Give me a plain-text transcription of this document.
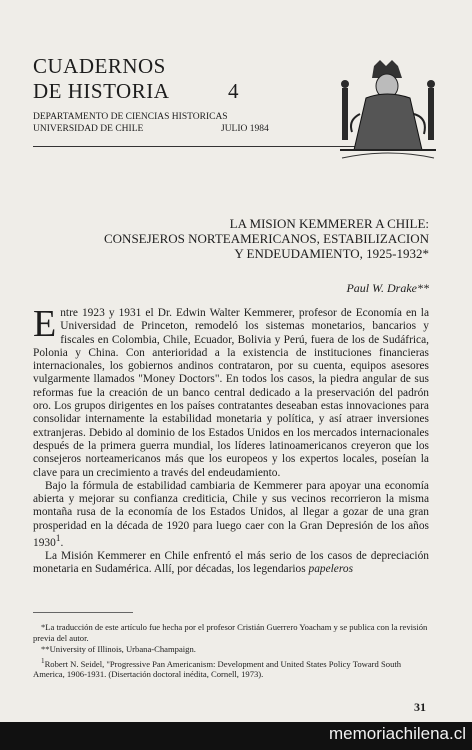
CUADERNOS
DE HISTORIA	4
DEPARTAMENTO DE CIENCIAS HISTORICAS
UNIVERSIDAD DE CHILE	JULIO 1984
LA MISION KEMMERER A CHILE:
CONSEJEROS NORTEAMERICANOS, ESTABILIZACION
Y ENDEUDAMIENTO, 1925-1932*
Paul W. Drake**

Entre 1923 y 1931 el Dr. Edwin Walter Kemmerer, profesor de Economía en la Universidad de Princeton, remodeló los sistemas monetarios, bancarios y fiscales en Colombia, Chile, Ecuador, Bolivia y Perú, fuera de los de Sudáfrica, Polonia y China. Con anterioridad a la existencia de instituciones financieras internacionales, los gobiernos andinos contrataron, por su cuenta, equipos asesores vulgarmente llamados "Money Doctors". En todos los casos, la piedra angular de sus reformas fue la creación de un banco central dedicado a la preservación del padrón oro. Los grupos dirigentes en los países contratantes deseaban estas innovaciones para consolidar internamente la estabilidad monetaria y política, y así atraer inversiones extranjeras. Debido al dominio de los Estados Unidos en los mercados internacionales después de la primera guerra mundial, los líderes latinoamericanos creyeron que los consejeros norteamericanos más que los europeos y los expertos locales, poseían la clave para un crecimiento a través del endeudamiento.

Bajo la fórmula de estabilidad cambiaria de Kemmerer para apoyar una economía abierta y mejorar su confianza crediticia, Chile y sus vecinos recorrieron la misma montaña rusa de la economía de los Estados Unidos, al llegar a gozar de una gran prosperidad en la década de 1920 para luego caer con la Gran Depresión de los años 1930$^1$.

La Misión Kemmerer en Chile enfrentó el más serio de los casos de depreciación monetaria en Sudamérica. Allí, por décadas, los legendarios papeleros

*La traducción de este artículo fue hecha por el profesor Cristián Guerrero Yoacham y se publica con la revisión previa del autor.

**University of Illinois, Urbana-Champaign.

$^1$Robert N. Seidel, "Progressive Pan Americanism: Development and United States Policy Toward South America, 1906-1931. (Disertación doctoral inédita, Cornell, 1973).

31
memoriachilena.cl
